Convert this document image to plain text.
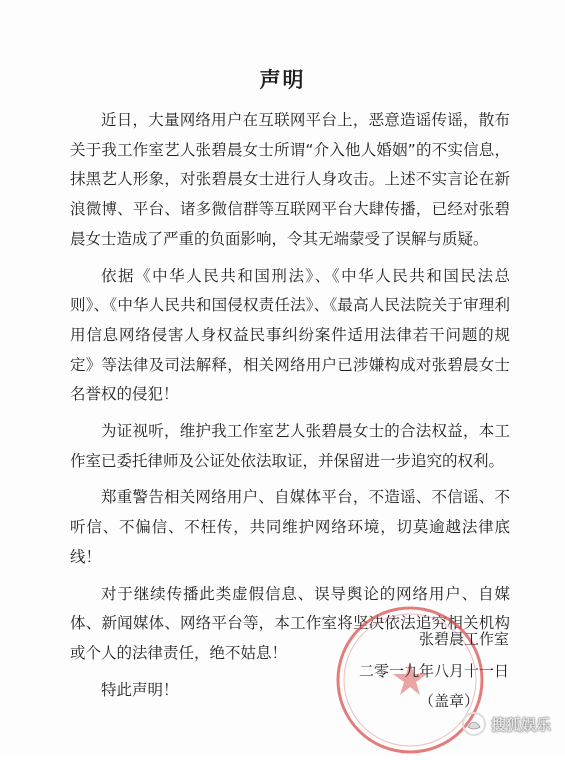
声明

近日，大量网络用户在互联网平台上，恶意造谣传谣，散布关于我工作室艺人张碧晨女士所谓“介入他人婚姻”的不实信息，抹黑艺人形象，对张碧晨女士进行人身攻击。上述不实言论在新浪微博、平台、诸多微信群等互联网平台大肆传播，已经对张碧晨女士造成了严重的负面影响，令其无端蒙受了误解与质疑。

依据《中华人民共和国刑法》、《中华人民共和国民法总则》、《中华人民共和国侵权责任法》、《最高人民法院关于审理利用信息网络侵害人身权益民事纠纷案件适用法律若干问题的规定》等法律及司法解释，相关网络用户已涉嫌构成对张碧晨女士名誉权的侵犯！

为证视听，维护我工作室艺人张碧晨女士的合法权益，本工作室已委托律师及公证处依法取证，并保留进一步追究的权利。

郑重警告相关网络用户、自媒体平台，不造谣、不信谣、不听信、不偏信、不枉传，共同维护网络环境，切莫逾越法律底线！

对于继续传播此类虚假信息、误导舆论的网络用户、自媒体、新闻媒体、网络平台等，本工作室将坚决依法追究相关机构或个人的法律责任，绝不姑息！

特此声明！

张碧晨工作室
二零一九年八月十一日
（盖章）
搜狐娱乐
